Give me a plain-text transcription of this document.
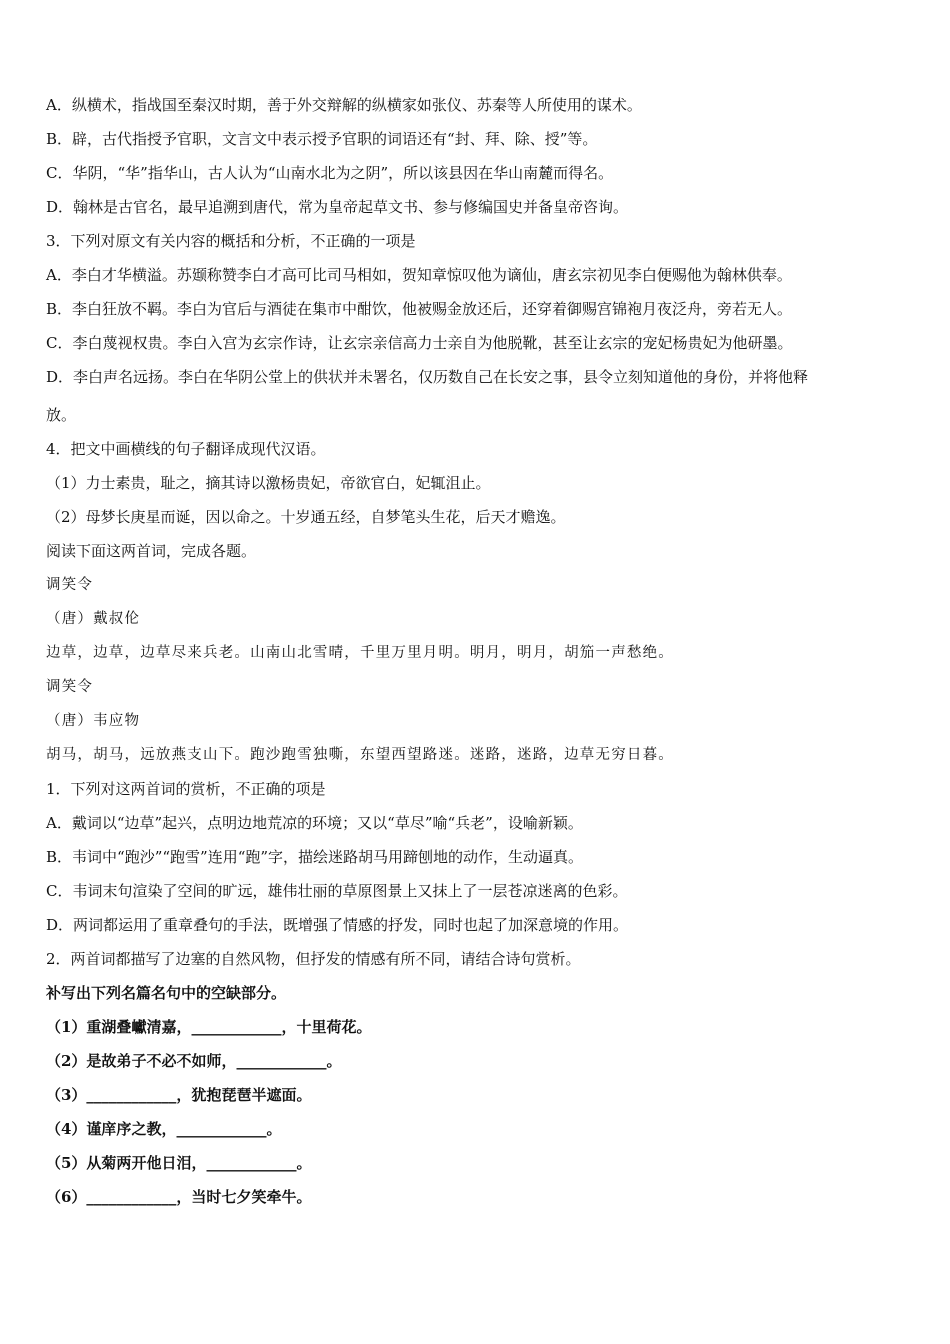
A．纵横术，指战国至秦汉时期，善于外交辩解的纵横家如张仪、苏秦等人所使用的谋术。

B．辟，古代指授予官职，文言文中表示授予官职的词语还有“封、拜、除、授”等。

C．华阴，“华”指华山，古人认为“山南水北为之阴”，所以该县因在华山南麓而得名。

D．翰林是古官名，最早追溯到唐代，常为皇帝起草文书、参与修编国史并备皇帝咨询。

3．下列对原文有关内容的概括和分析，不正确的一项是

A．李白才华横溢。苏颋称赞李白才高可比司马相如，贺知章惊叹他为谪仙，唐玄宗初见李白便赐他为翰林供奉。

B．李白狂放不羁。李白为官后与酒徒在集市中酣饮，他被赐金放还后，还穿着御赐宫锦袍月夜泛舟，旁若无人。

C．李白蔑视权贵。李白入宫为玄宗作诗，让玄宗亲信高力士亲自为他脱靴，甚至让玄宗的宠妃杨贵妃为他研墨。

D．李白声名远扬。李白在华阴公堂上的供状并未署名，仅历数自己在长安之事，县令立刻知道他的身份，并将他释

放。

4．把文中画横线的句子翻译成现代汉语。

（1）力士素贵，耻之，摘其诗以激杨贵妃，帝欲官白，妃辄沮止。

（2）母梦长庚星而诞，因以命之。十岁通五经，自梦笔头生花，后天才赡逸。

阅读下面这两首词，完成各题。

调笑令

（唐）戴叔伦

边草，边草，边草尽来兵老。山南山北雪晴，千里万里月明。明月，明月，胡笳一声愁绝。

调笑令

（唐）韦应物

胡马，胡马，远放燕支山下。跑沙跑雪独嘶，东望西望路迷。迷路，迷路，边草无穷日暮。

1．下列对这两首词的赏析，不正确的项是

A．戴词以“边草”起兴，点明边地荒凉的环境；又以“草尽”喻“兵老”，设喻新颖。

B．韦词中“跑沙”“跑雪”连用“跑”字，描绘迷路胡马用蹄刨地的动作，生动逼真。

C．韦词末句渲染了空间的旷远，雄伟壮丽的草原图景上又抹上了一层苍凉迷离的色彩。

D．两词都运用了重章叠句的手法，既增强了情感的抒发，同时也起了加深意境的作用。

2．两首词都描写了边塞的自然风物，但抒发的情感有所不同，请结合诗句赏析。

补写出下列名篇名句中的空缺部分。

（1）重湖叠巘清嘉，____________，十里荷花。

（2）是故弟子不必不如师，____________。

（3）____________，犹抱琵琶半遮面。

（4）谨庠序之教，____________。

（5）从菊两开他日泪，____________。

（6）____________，当时七夕笑牵牛。
